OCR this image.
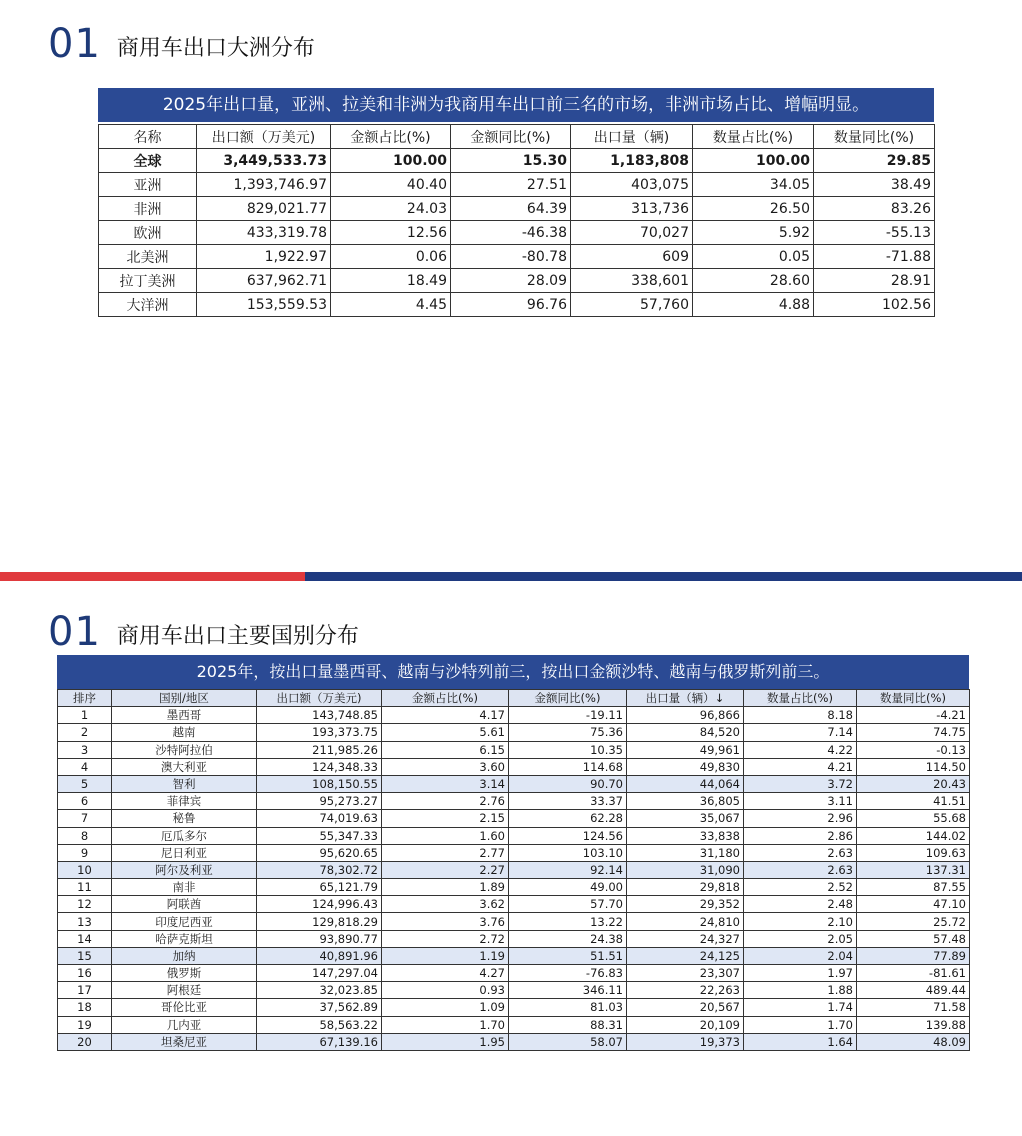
01 商用车出口大洲分布
2025年出口量，亚洲、拉美和非洲为我商用车出口前三名的市场，非洲市场占比、增幅明显。
名称	出口额（万美元)	金额占比(%)	金额同比(%)	出口量（辆)	数量占比(%)	数量同比(%)
全球	3,449,533.73	100.00	15.30	1,183,808	100.00	29.85
亚洲	1,393,746.97	40.40	27.51	403,075	34.05	38.49
非洲	829,021.77	24.03	64.39	313,736	26.50	83.26
欧洲	433,319.78	12.56	-46.38	70,027	5.92	-55.13
北美洲	1,922.97	0.06	-80.78	609	0.05	-71.88
拉丁美洲	637,962.71	18.49	28.09	338,601	28.60	28.91
大洋洲	153,559.53	4.45	96.76	57,760	4.88	102.56
01 商用车出口主要国别分布
2025年，按出口量墨西哥、越南与沙特列前三，按出口金额沙特、越南与俄罗斯列前三。
排序	国别/地区	出口额（万美元)	金额占比(%)	金额同比(%)	出口量（辆）↓	数量占比(%)	数量同比(%)
1	墨西哥	143,748.85	4.17	-19.11	96,866	8.18	-4.21
2	越南	193,373.75	5.61	75.36	84,520	7.14	74.75
3	沙特阿拉伯	211,985.26	6.15	10.35	49,961	4.22	-0.13
4	澳大利亚	124,348.33	3.60	114.68	49,830	4.21	114.50
5	智利	108,150.55	3.14	90.70	44,064	3.72	20.43
6	菲律宾	95,273.27	2.76	33.37	36,805	3.11	41.51
7	秘鲁	74,019.63	2.15	62.28	35,067	2.96	55.68
8	厄瓜多尔	55,347.33	1.60	124.56	33,838	2.86	144.02
9	尼日利亚	95,620.65	2.77	103.10	31,180	2.63	109.63
10	阿尔及利亚	78,302.72	2.27	92.14	31,090	2.63	137.31
11	南非	65,121.79	1.89	49.00	29,818	2.52	87.55
12	阿联酋	124,996.43	3.62	57.70	29,352	2.48	47.10
13	印度尼西亚	129,818.29	3.76	13.22	24,810	2.10	25.72
14	哈萨克斯坦	93,890.77	2.72	24.38	24,327	2.05	57.48
15	加纳	40,891.96	1.19	51.51	24,125	2.04	77.89
16	俄罗斯	147,297.04	4.27	-76.83	23,307	1.97	-81.61
17	阿根廷	32,023.85	0.93	346.11	22,263	1.88	489.44
18	哥伦比亚	37,562.89	1.09	81.03	20,567	1.74	71.58
19	几内亚	58,563.22	1.70	88.31	20,109	1.70	139.88
20	坦桑尼亚	67,139.16	1.95	58.07	19,373	1.64	48.09
